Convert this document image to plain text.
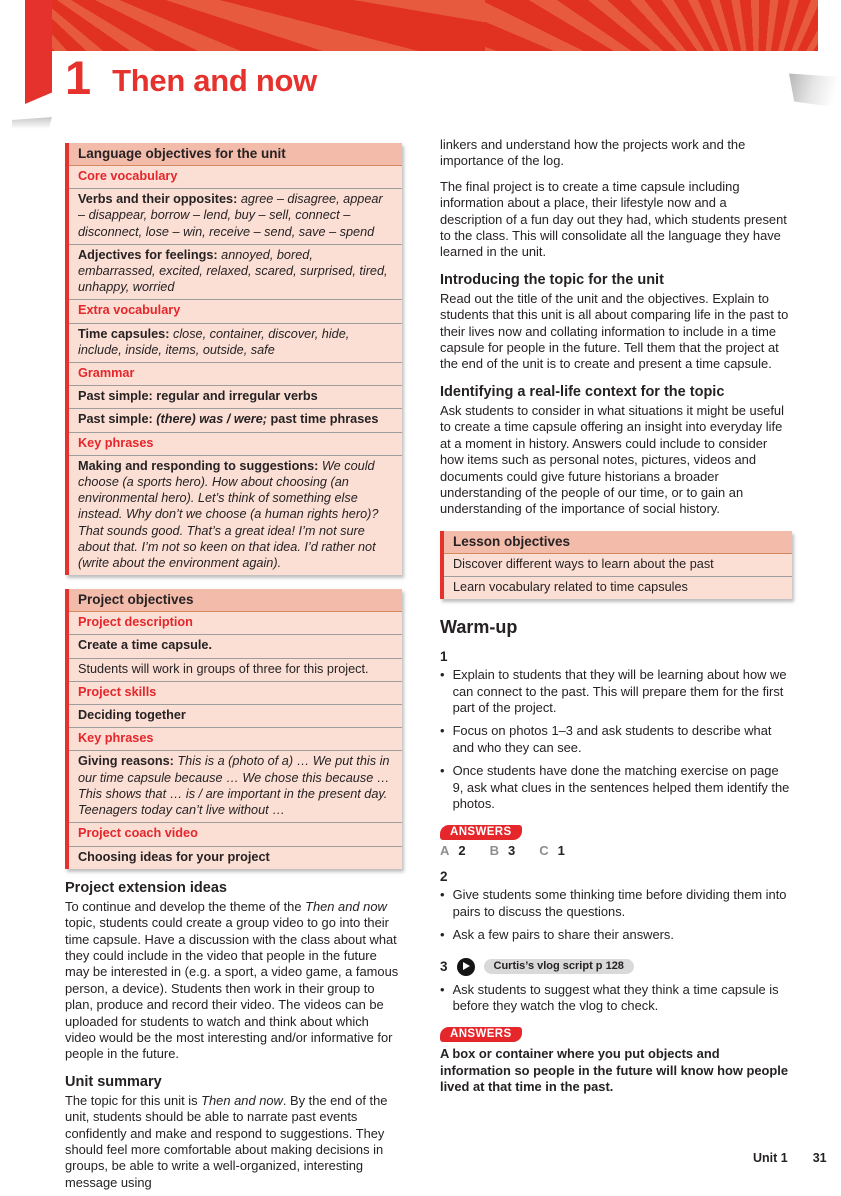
1 Then and now
Language objectives for the unit
Core vocabulary
Verbs and their opposites: agree – disagree, appear – disappear, borrow – lend, buy – sell, connect – disconnect, lose – win, receive – send, save – spend
Adjectives for feelings: annoyed, bored, embarrassed, excited, relaxed, scared, surprised, tired, unhappy, worried
Extra vocabulary
Time capsules: close, container, discover, hide, include, inside, items, outside, safe
Grammar
Past simple: regular and irregular verbs
Past simple: (there) was / were; past time phrases
Key phrases
Making and responding to suggestions: We could choose (a sports hero). How about choosing (an environmental hero). Let’s think of something else instead. Why don’t we choose (a human rights hero)? That sounds good. That’s a great idea! I’m not sure about that. I’m not so keen on that idea. I’d rather not (write about the environment again).
Project objectives
Project description
Create a time capsule.
Students will work in groups of three for this project.
Project skills
Deciding together
Key phrases
Giving reasons: This is a (photo of a) … We put this in our time capsule because … We chose this because … This shows that … is / are important in the present day. Teenagers today can’t live without …
Project coach video
Choosing ideas for your project
Project extension ideas

To continue and develop the theme of the Then and now topic, students could create a group video to go into their time capsule. Have a discussion with the class about what they could include in the video that people in the future may be interested in (e.g. a sport, a video game, a famous person, a device). Students then work in their group to plan, produce and record their video. The videos can be uploaded for students to watch and think about which video would be the most interesting and/or informative for people in the future.

Unit summary

The topic for this unit is Then and now. By the end of the unit, students should be able to narrate past events confidently and make and respond to suggestions. They should feel more comfortable about making decisions in groups, be able to write a well-organized, interesting message using

linkers and understand how the projects work and the importance of the log.

The final project is to create a time capsule including information about a place, their lifestyle now and a description of a fun day out they had, which students present to the class. This will consolidate all the language they have learned in the unit.

Introducing the topic for the unit

Read out the title of the unit and the objectives. Explain to students that this unit is all about comparing life in the past to their lives now and collating information to include in a time capsule for people in the future. Tell them that the project at the end of the unit is to create and present a time capsule.

Identifying a real-life context for the topic

Ask students to consider in what situations it might be useful to create a time capsule offering an insight into everyday life at a moment in history. Answers could include to consider how items such as personal notes, pictures, videos and documents could give future historians a broader understanding of the people of our time, or to gain an understanding of the importance of social history.

Lesson objectives
Discover different ways to learn about the past
Learn vocabulary related to time capsules
Warm-up
1
•
Explain to students that they will be learning about how we can connect to the past. This will prepare them for the first part of the project.
•
Focus on photos 1–3 and ask students to describe what and who they can see.
•
Once students have done the matching exercise on page 9, ask what clues in the sentences helped them identify the photos.
ANSWERS
A 2 B 3 C 1
2
•
Give students some thinking time before dividing them into pairs to discuss the questions.
•
Ask a few pairs to share their answers.
3	Curtis’s vlog script p 128
•
Ask students to suggest what they think a time capsule is before they watch the vlog to check.
ANSWERS

A box or container where you put objects and information so people in the future will know how people lived at that time in the past.

Unit 1 31
